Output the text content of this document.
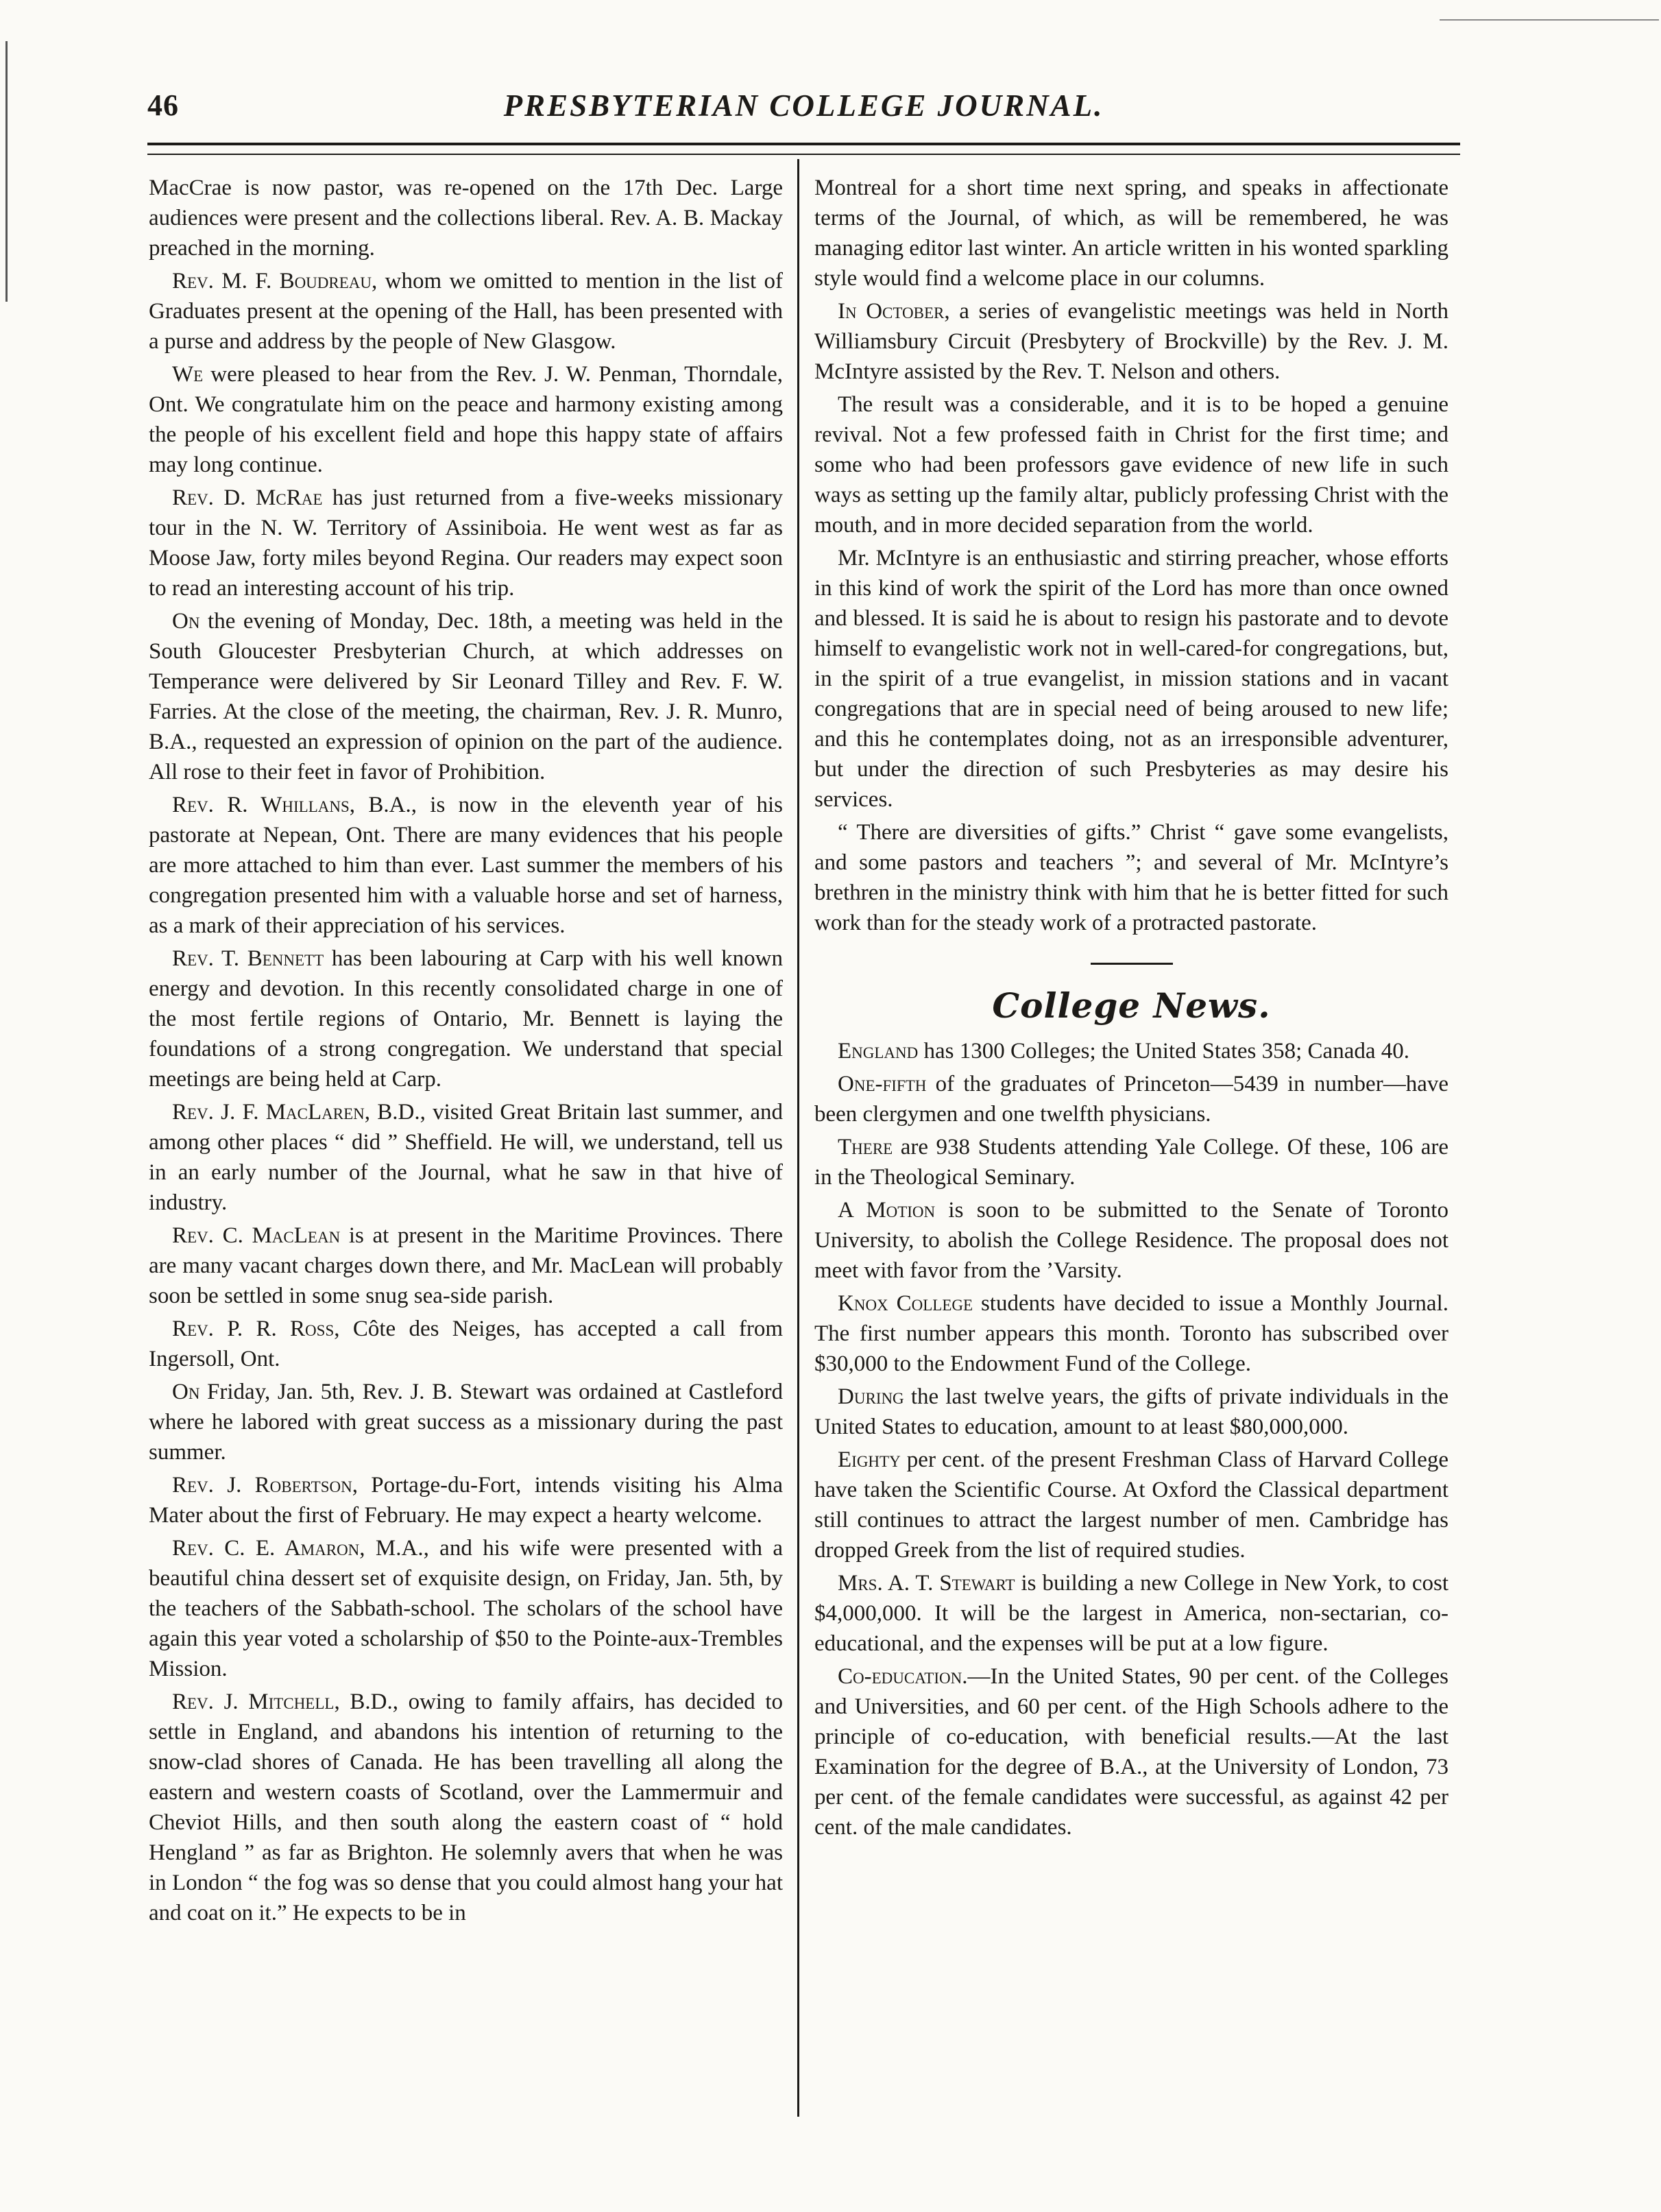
46	PRESBYTERIAN COLLEGE JOURNAL.

MacCrae is now pastor, was re-opened on the 17th Dec. Large audiences were present and the collections liberal. Rev. A. B. Mackay preached in the morning.

Rev. M. F. Boudreau, whom we omitted to mention in the list of Graduates present at the opening of the Hall, has been presented with a purse and address by the people of New Glasgow.

We were pleased to hear from the Rev. J. W. Penman, Thorndale, Ont. We congratulate him on the peace and harmony existing among the people of his excellent field and hope this happy state of affairs may long continue.

Rev. D. McRae has just returned from a five-weeks missionary tour in the N. W. Territory of Assiniboia. He went west as far as Moose Jaw, forty miles beyond Regina. Our readers may expect soon to read an interesting account of his trip.

On the evening of Monday, Dec. 18th, a meeting was held in the South Gloucester Presbyterian Church, at which addresses on Temperance were delivered by Sir Leonard Tilley and Rev. F. W. Farries. At the close of the meeting, the chairman, Rev. J. R. Munro, B.A., requested an expression of opinion on the part of the audience. All rose to their feet in favor of Prohibition.

Rev. R. Whillans, B.A., is now in the eleventh year of his pastorate at Nepean, Ont. There are many evidences that his people are more attached to him than ever. Last summer the members of his congregation presented him with a valuable horse and set of harness, as a mark of their appreciation of his services.

Rev. T. Bennett has been labouring at Carp with his well known energy and devotion. In this recently consolidated charge in one of the most fertile regions of Ontario, Mr. Bennett is laying the foundations of a strong congregation. We understand that special meetings are being held at Carp.

Rev. J. F. MacLaren, B.D., visited Great Britain last summer, and among other places “ did ” Sheffield. He will, we understand, tell us in an early number of the Journal, what he saw in that hive of industry.

Rev. C. MacLean is at present in the Maritime Provinces. There are many vacant charges down there, and Mr. MacLean will probably soon be settled in some snug sea-side parish.

Rev. P. R. Ross, Côte des Neiges, has accepted a call from Ingersoll, Ont.

On Friday, Jan. 5th, Rev. J. B. Stewart was ordained at Castleford where he labored with great success as a missionary during the past summer.

Rev. J. Robertson, Portage-du-Fort, intends visiting his Alma Mater about the first of February. He may expect a hearty welcome.

Rev. C. E. Amaron, M.A., and his wife were presented with a beautiful china dessert set of exquisite design, on Friday, Jan. 5th, by the teachers of the Sabbath-school. The scholars of the school have again this year voted a scholarship of $50 to the Pointe-aux-Trembles Mission.

Rev. J. Mitchell, B.D., owing to family affairs, has decided to settle in England, and abandons his intention of returning to the snow-clad shores of Canada. He has been travelling all along the eastern and western coasts of Scotland, over the Lammermuir and Cheviot Hills, and then south along the eastern coast of “ hold Hengland ” as far as Brighton. He solemnly avers that when he was in London “ the fog was so dense that you could almost hang your hat and coat on it.” He expects to be in

Montreal for a short time next spring, and speaks in affectionate terms of the Journal, of which, as will be remembered, he was managing editor last winter. An article written in his wonted sparkling style would find a welcome place in our columns.

In October, a series of evangelistic meetings was held in North Williamsbury Circuit (Presbytery of Brockville) by the Rev. J. M. McIntyre assisted by the Rev. T. Nelson and others.

The result was a considerable, and it is to be hoped a genuine revival. Not a few professed faith in Christ for the first time; and some who had been professors gave evidence of new life in such ways as setting up the family altar, publicly professing Christ with the mouth, and in more decided separation from the world.

Mr. McIntyre is an enthusiastic and stirring preacher, whose efforts in this kind of work the spirit of the Lord has more than once owned and blessed. It is said he is about to resign his pastorate and to devote himself to evangelistic work not in well-cared-for congregations, but, in the spirit of a true evangelist, in mission stations and in vacant congregations that are in special need of being aroused to new life; and this he contemplates doing, not as an irresponsible adventurer, but under the direction of such Presbyteries as may desire his services.

“ There are diversities of gifts.” Christ “ gave some evangelists, and some pastors and teachers ”; and several of Mr. McIntyre’s brethren in the ministry think with him that he is better fitted for such work than for the steady work of a protracted pastorate.

College News.

England has 1300 Colleges; the United States 358; Canada 40.

One-fifth of the graduates of Princeton—5439 in number—have been clergymen and one twelfth physicians.

There are 938 Students attending Yale College. Of these, 106 are in the Theological Seminary.

A Motion is soon to be submitted to the Senate of Toronto University, to abolish the College Residence. The proposal does not meet with favor from the ’Varsity.

Knox College students have decided to issue a Monthly Journal. The first number appears this month. Toronto has subscribed over $30,000 to the Endowment Fund of the College.

During the last twelve years, the gifts of private individuals in the United States to education, amount to at least $80,000,000.

Eighty per cent. of the present Freshman Class of Harvard College have taken the Scientific Course. At Oxford the Classical department still continues to attract the largest number of men. Cambridge has dropped Greek from the list of required studies.

Mrs. A. T. Stewart is building a new College in New York, to cost $4,000,000. It will be the largest in America, non-sectarian, co-educational, and the expenses will be put at a low figure.

Co-education.—In the United States, 90 per cent. of the Colleges and Universities, and 60 per cent. of the High Schools adhere to the principle of co-education, with beneficial results.—At the last Examination for the degree of B.A., at the University of London, 73 per cent. of the female candidates were successful, as against 42 per cent. of the male candidates.
